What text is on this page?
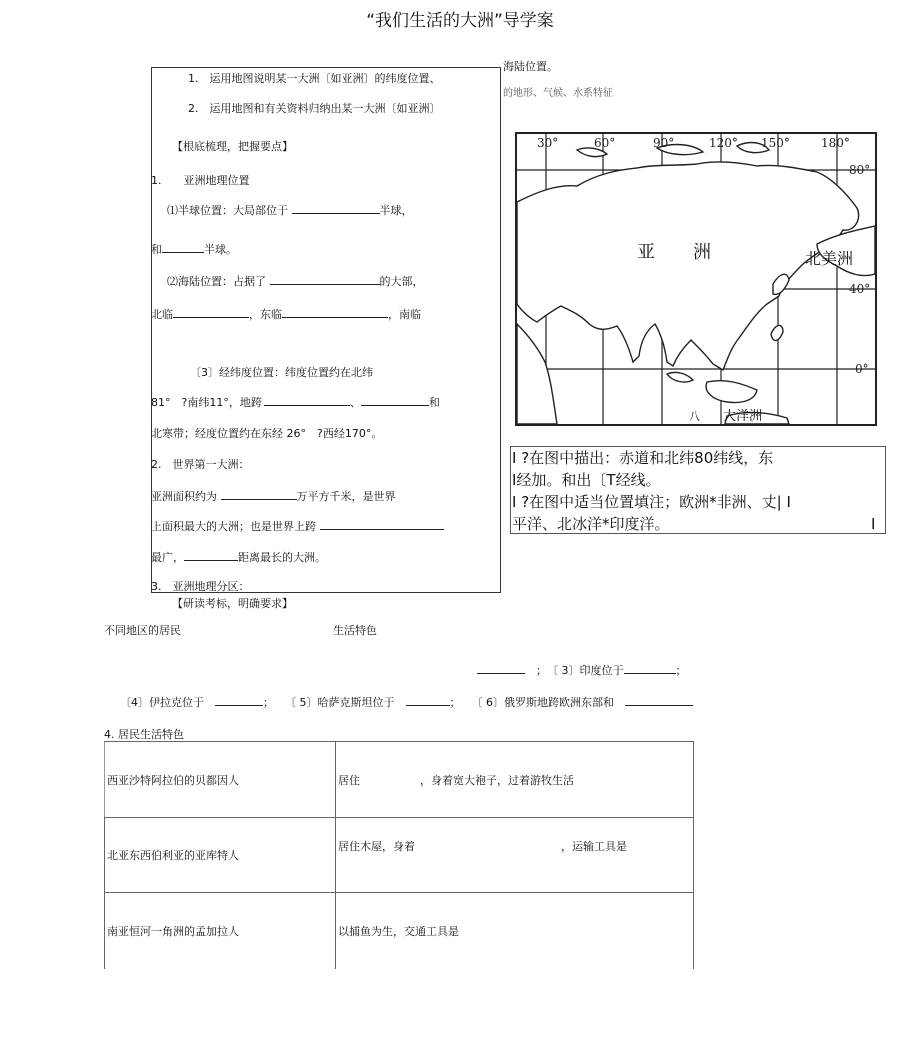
“我们生活的大洲”导学案
海陆位置。
的地形、气候、水系特征
1.　运用地图说明某一大洲〔如亚洲〕的纬度位置、
2.　运用地图和有关资料归纳出某一大洲〔如亚洲〕
【根底梳理，把握要点】
1.　　亚洲地理位置
⑴半球位置：大局部位于	半球，
和	半球。
⑵海陆位置：占据了	的大部，
北临	，东临	，南临
〔3〕经纬度位置：纬度位置约在北纬
81°　?南纬11°，地跨	、	和
北寒带；经度位置约在东经 26°　?西经170°。
2.　世界第一大洲：
亚洲面积约为	万平方千米，是世界
上面积最大的大洲；也是世界上跨
最广，	距离最长的大洲。
3.　亚洲地理分区：
【研读考标，明确要求】
不同地区的居民	生活特色
　；　 〔 3〕印度位于	；
〔4〕伊拉克位于　	；　　 〔 5〕哈萨克斯坦位于　	；　　 〔 6〕俄罗斯地跨欧洲东部和　
4. 居民生活特色
西亚沙特阿拉伯的贝都因人	居住 ，身着宽大袍子，过着游牧生活
北亚东西伯利亚的亚库特人	居住木屋，身着 ，运输工具是
南亚恒河一角洲的孟加拉人	以捕鱼为生，交通工具是
30°	60°	90°	120° 150°	180°
80°
40°
0°
亚 洲	北美洲
大洋洲
八
I ?在图中描出：赤道和北纬80纬线，东
I经加。和出〔T经线。
I ?在图中适当位置填注；欧洲*非洲、丈| I
平洋、北冰洋*印度洋。	I
